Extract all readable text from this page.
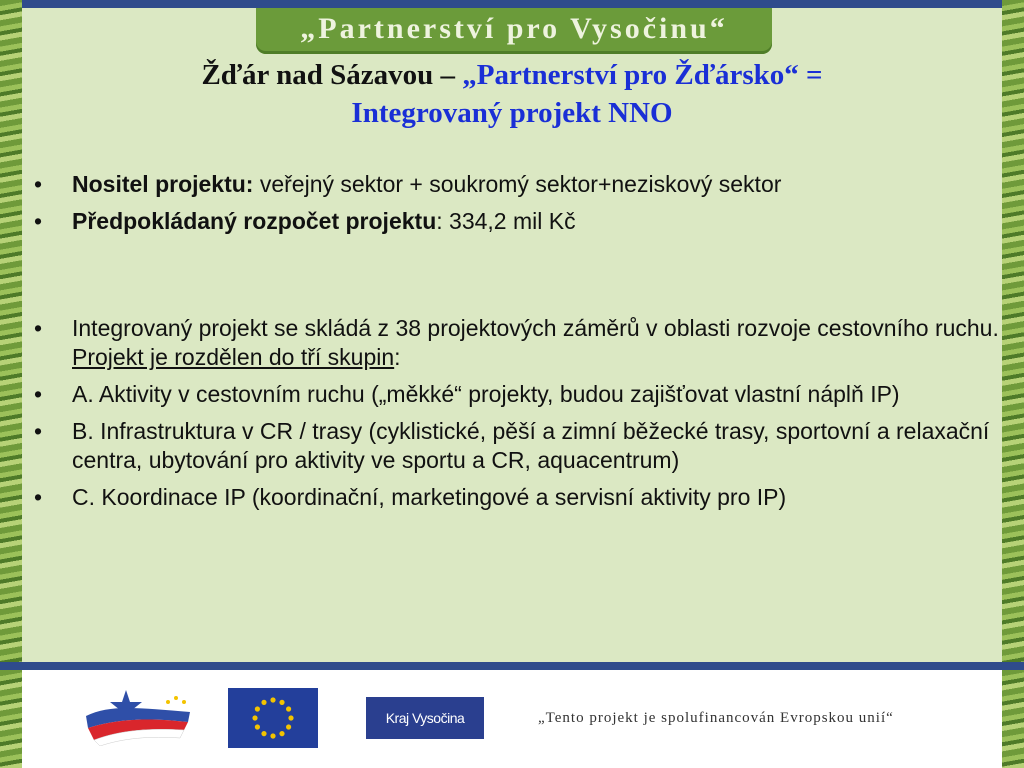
„Partnerství pro Vysočinu“
Žďár nad Sázavou – „Partnerství pro Žďársko“ =
Integrovaný projekt NNO
• Nositel projektu: veřejný sektor + soukromý sektor+neziskový sektor
• Předpokládaný rozpočet projektu: 334,2 mil Kč
• Integrovaný projekt se skládá z 38 projektových záměrů v oblasti rozvoje cestovního ruchu. Projekt je rozdělen do tří skupin:
• A. Aktivity v cestovním ruchu („měkké“ projekty, budou zajišťovat vlastní náplň IP)
• B. Infrastruktura v CR / trasy (cyklistické, pěší a zimní běžecké trasy, sportovní a relaxační centra, ubytování pro aktivity ve sportu a CR, aquacentrum)
• C. Koordinace IP (koordinační, marketingové a servisní aktivity pro IP)
Kraj Vysočina	„Tento projekt je spolufinancován Evropskou unií“
